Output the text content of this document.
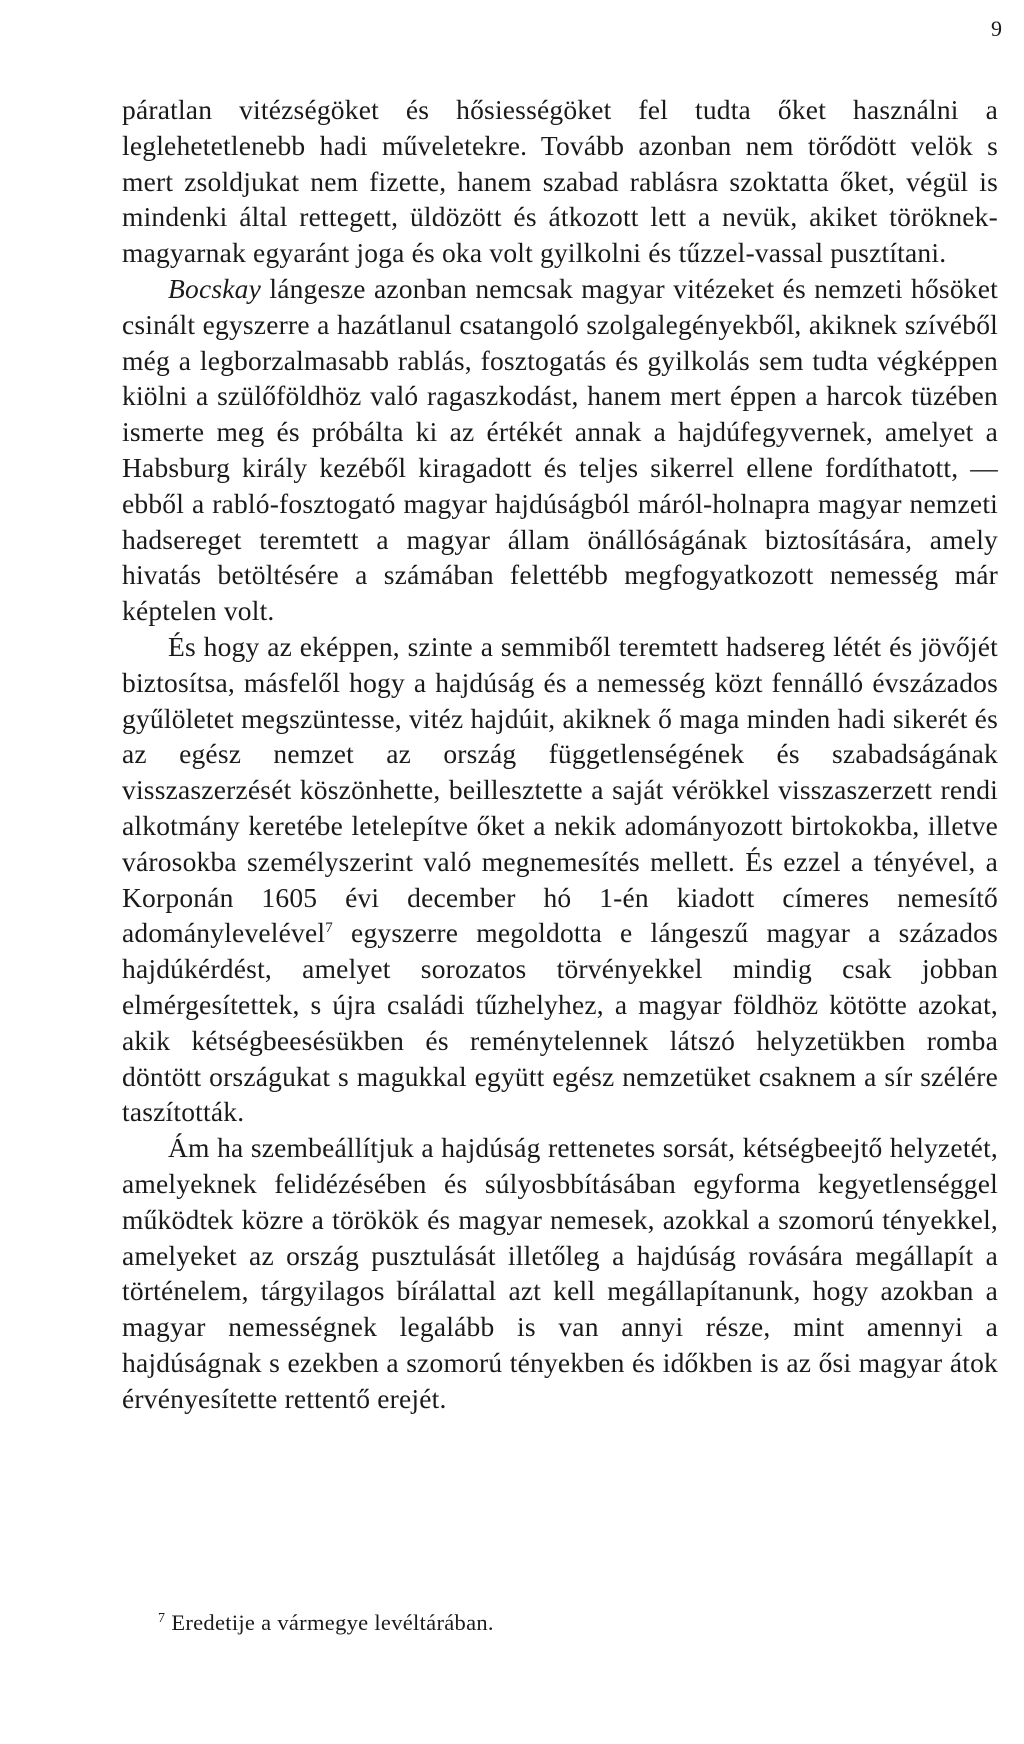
9

páratlan vitézségöket és hősiességöket fel tudta őket használni a leglehetetlenebb hadi műveletekre. Tovább azonban nem törődött velök s mert zsoldjukat nem fizette, hanem szabad rablásra szoktatta őket, végül is mindenki által rettegett, üldözött és átkozott lett a nevük, akiket töröknek-magyarnak egyaránt joga és oka volt gyilkolni és tűzzel-vassal pusztítani.

Bocskay lángesze azonban nemcsak magyar vitézeket és nemzeti hősöket csinált egyszerre a hazátlanul csatangoló szolgalegényekből, akiknek szívéből még a legborzalmasabb rablás, fosztogatás és gyilkolás sem tudta végképpen kiölni a szülőföldhöz való ragaszkodást, hanem mert éppen a harcok tüzében ismerte meg és próbálta ki az értékét annak a hajdúfegyvernek, amelyet a Habsburg király kezéből kiragadott és teljes sikerrel ellene fordíthatott, — ebből a rabló-fosztogató magyar hajdúságból máról-holnapra magyar nemzeti hadsereget teremtett a magyar állam önállóságának biztosítására, amely hivatás betöltésére a számában felettébb megfogyatkozott nemesség már képtelen volt.

És hogy az eképpen, szinte a semmiből teremtett hadsereg létét és jövőjét biztosítsa, másfelől hogy a hajdúság és a nemesség közt fennálló évszázados gyűlöletet megszüntesse, vitéz hajdúit, akiknek ő maga minden hadi sikerét és az egész nemzet az ország függetlenségének és szabadságának visszaszerzését köszönhette, beillesztette a saját vérökkel visszaszerzett rendi alkotmány keretébe letelepítve őket a nekik adományozott birtokokba, illetve városokba személyszerint való megnemesítés mellett. És ezzel a tényével, a Korponán 1605 évi december hó 1-én kiadott címeres nemesítő adománylevelével$^7$ egyszerre megoldotta e lángeszű magyar a százados hajdúkérdést, amelyet sorozatos törvényekkel mindig csak jobban elmérgesítettek, s újra családi tűzhelyhez, a magyar földhöz kötötte azokat, akik kétségbeesésükben és reménytelennek látszó helyzetükben romba döntött országukat s magukkal együtt egész nemzetüket csaknem a sír szélére taszították.

Ám ha szembeállítjuk a hajdúság rettenetes sorsát, kétségbeejtő helyzetét, amelyeknek felidézésében és súlyosbbításában egyforma kegyetlenséggel működtek közre a törökök és magyar nemesek, azokkal a szomorú tényekkel, amelyeket az ország pusztulását illetőleg a hajdúság rovására megállapít a történelem, tárgyilagos bírálattal azt kell megállapítanunk, hogy azokban a magyar nemességnek legalább is van annyi része, mint amennyi a hajdúságnak s ezekben a szomorú tényekben és időkben is az ősi magyar átok érvényesítette rettentő erejét.

$^7$ Eredetije a vármegye levéltárában.
